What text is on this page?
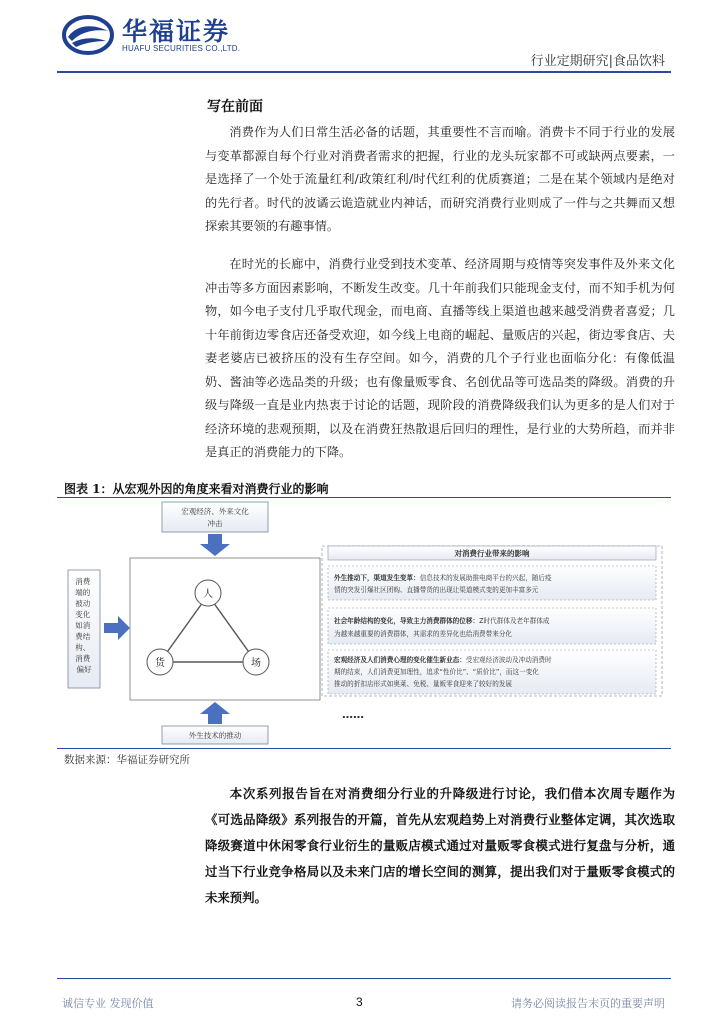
华福证券
HUAFU SECURITIES CO.,LTD.
行业定期研究|食品饮料
写在前面

消费作为人们日常生活必备的话题，其重要性不言而喻。消费卡不同于行业的发展与变革都源自每个行业对消费者需求的把握，行业的龙头玩家都不可或缺两点要素，一是选择了一个处于流量红利/政策红利/时代红利的优质赛道；二是在某个领域内是绝对的先行者。时代的波谲云诡造就业内神话，而研究消费行业则成了一件与之共舞而又想探索其要领的有趣事情。

在时光的长廊中，消费行业受到技术变革、经济周期与疫情等突发事件及外来文化冲击等多方面因素影响，不断发生改变。几十年前我们只能现金支付，而不知手机为何物，如今电子支付几乎取代现金，而电商、直播等线上渠道也越来越受消费者喜爱；几十年前街边零食店还备受欢迎，如今线上电商的崛起、量贩店的兴起，街边零食店、夫妻老婆店已被挤压的没有生存空间。如今，消费的几个子行业也面临分化：有像低温奶、酱油等必选品类的升级；也有像量贩零食、名创优品等可选品类的降级。消费的升级与降级一直是业内热衷于讨论的话题，现阶段的消费降级我们认为更多的是人们对于经济环境的悲观预期，以及在消费狂热散退后回归的理性，是行业的大势所趋，而并非是真正的消费能力的下降。

图表 1：从宏观外因的角度来看对消费行业的影响
宏观经济、外来文化
冲击
消费 端的 被动 变化 如消 费结 构、 消费 偏好
人
货	场
外生技术的推动
对消费行业带来的影响
外生推动下，渠道发生变革：信息技术的发展助推电商平台的兴起，随后疫 情的突发引爆社区团购、直播带货的出现让渠道模式变的更加丰富多元
社会年龄结构的变化，导致主力消费群体的位移：Z时代群体及老年群体成 为越来越重要的消费群体，其需求的差异化也给消费带来分化
宏观经济及人们消费心理的变化催生新业态：受宏观经济波动及冲动消费时 期的结束，人们消费更加理性，追求“性价比”、“质价比”，而这一变化 推动的折扣店形式如奥莱、免税、量贩零食迎来了较好的发展
……
数据来源：华福证券研究所

本次系列报告旨在对消费细分行业的升降级进行讨论，我们借本次周专题作为《可选品降级》系列报告的开篇，首先从宏观趋势上对消费行业整体定调，其次选取降级赛道中休闲零食行业衍生的量贩店模式通过对量贩零食模式进行复盘与分析，通过当下行业竞争格局以及未来门店的增长空间的测算，提出我们对于量贩零食模式的未来预判。

诚信专业 发现价值	3	请务必阅读报告末页的重要声明
